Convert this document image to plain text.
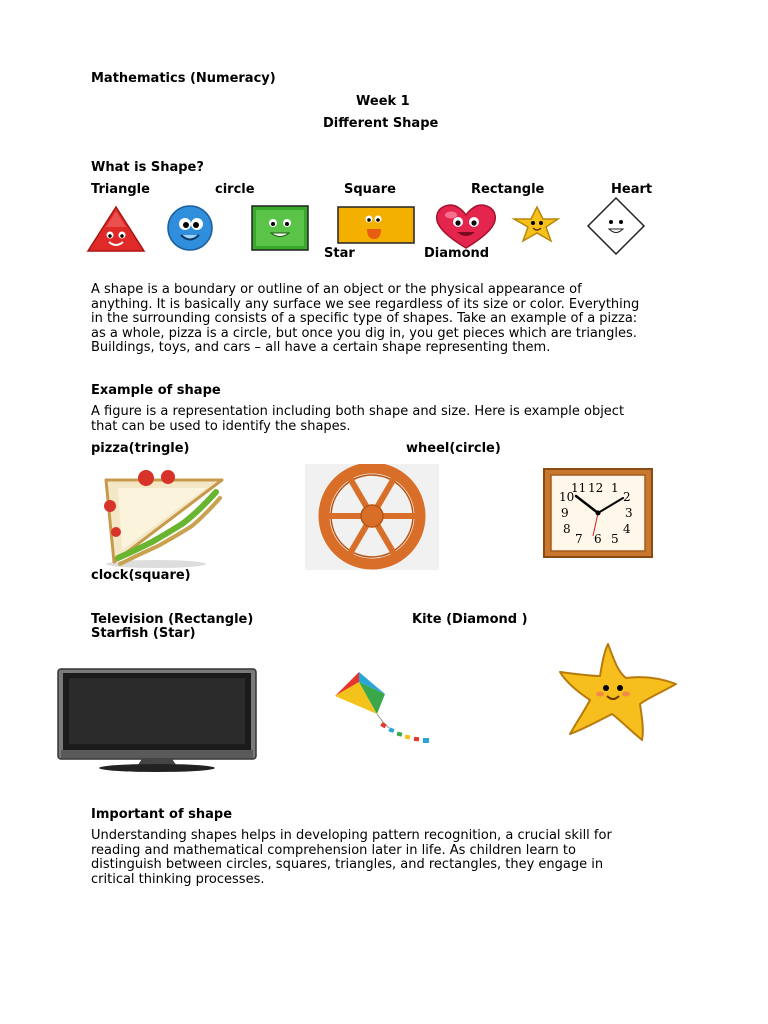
Mathematics (Numeracy)
Week 1
Different Shape
What is Shape?
Triangle	circle	Square	Rectangle	Heart
Star	Diamond
A shape is a boundary or outline of an object or the physical appearance of
anything. It is basically any surface we see regardless of its size or color. Everything
in the surrounding consists of a specific type of shapes. Take an example of a pizza:
as a whole, pizza is a circle, but once you dig in, you get pieces which are triangles.
Buildings, toys, and cars – all have a certain shape representing them.
Example of shape
A figure is a representation including both shape and size. Here is example object
that can be used to identify the shapes.
pizza(tringle)	wheel(circle)
12 1
2
3
4
5
6
7
8
9
10
11
clock(square)
Television (Rectangle)	Kite (Diamond )
Starfish (Star)
Important of shape
Understanding shapes helps in developing pattern recognition, a crucial skill for
reading and mathematical comprehension later in life. As children learn to
distinguish between circles, squares, triangles, and rectangles, they engage in
critical thinking processes.
